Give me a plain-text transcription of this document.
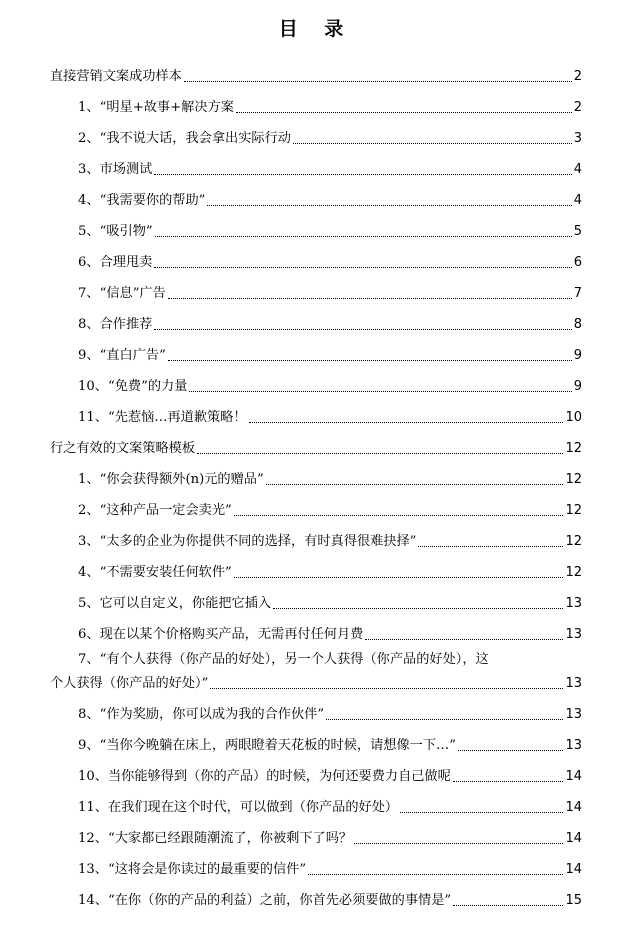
目 录
直接营销文案成功样本	2
1、“明星+故事+解决方案	2
2、“我不说大话，我会拿出实际行动	3
3、市场测试	4
4、“我需要你的帮助”	4
5、“吸引物”	5
6、合理甩卖	6
7、“信息”广告	7
8、合作推荐	8
9、“直白广告”	9
10、“免费”的力量	9
11、“先惹恼…再道歉策略！	10
行之有效的文案策略模板	12
1、“你会获得额外(n)元的赠品”	12
2、“这种产品一定会卖光”	12
3、“太多的企业为你提供不同的选择，有时真得很难抉择”	12
4、“不需要安装任何软件”	12
5、它可以自定义，你能把它插入	13
6、现在以某个价格购买产品，无需再付任何月费	13
7、“有个人获得（你产品的好处），另一个人获得（你产品的好处），这
个人获得（你产品的好处）”	13
8、“作为奖励，你可以成为我的合作伙伴”	13
9、“当你今晚躺在床上，两眼瞪着天花板的时候，请想像一下…”	13
10、当你能够得到（你的产品）的时候，为何还要费力自己做呢	14
11、在我们现在这个时代，可以做到（你产品的好处）	14
12、“大家都已经跟随潮流了，你被剩下了吗？	14
13、“这将会是你读过的最重要的信件”	14
14、“在你（你的产品的利益）之前，你首先必须要做的事情是”	15
